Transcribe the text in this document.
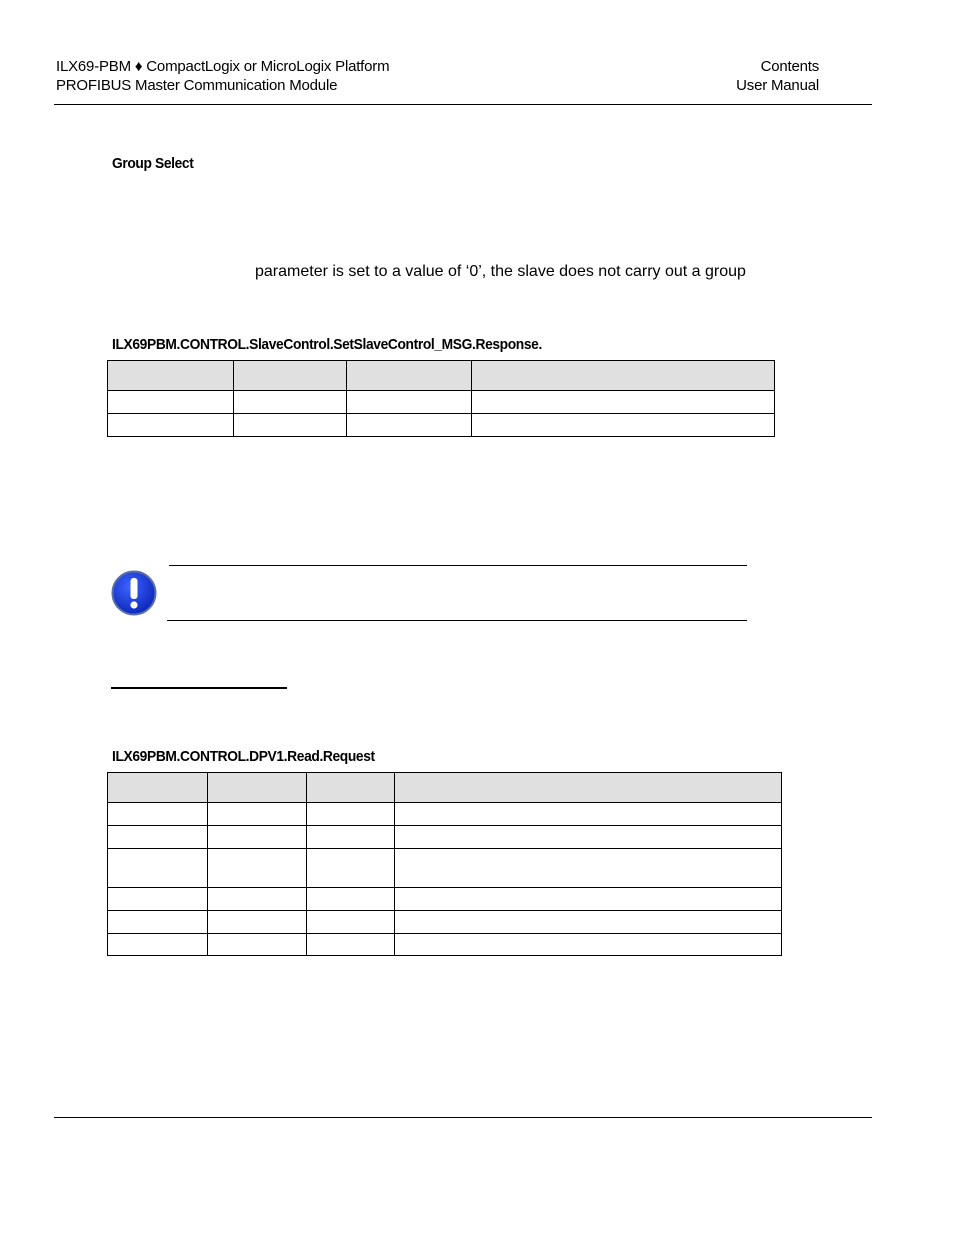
ILX69-PBM ♦ CompactLogix or MicroLogix Platform
PROFIBUS Master Communication Module
Contents
User Manual
Group Select
parameter is set to a value of ‘0’, the slave does not carry out a group
ILX69PBM.CONTROL.SlaveControl.SetSlaveControl_MSG.Response.

ILX69PBM.CONTROL.DPV1.Read.Request
